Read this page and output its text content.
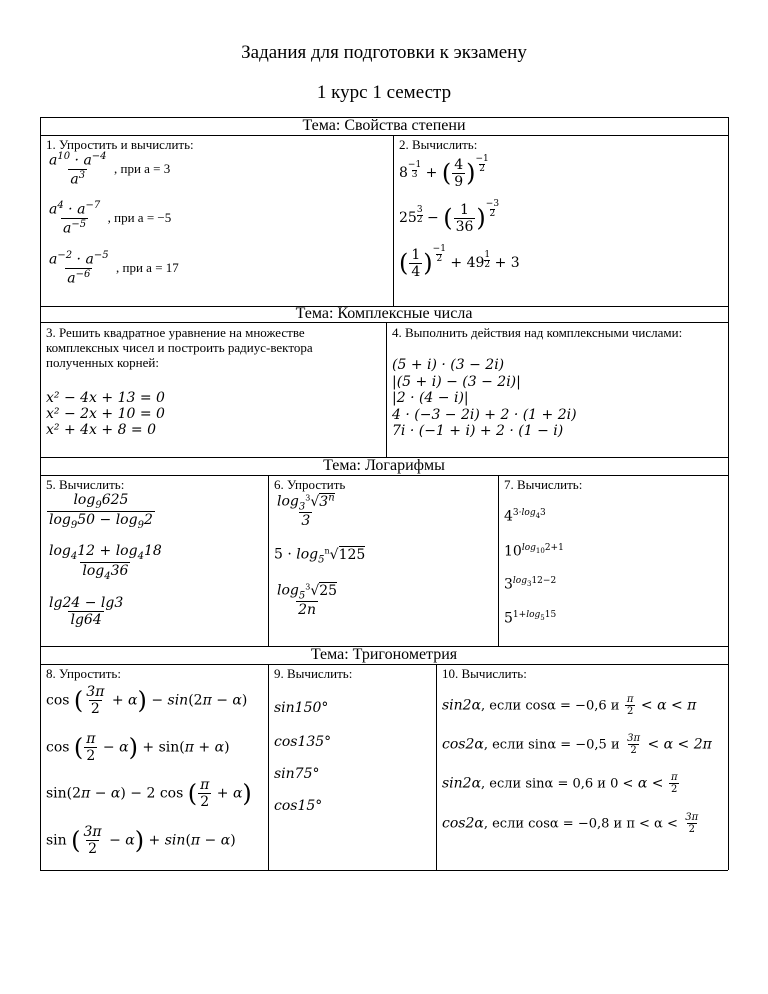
Задания для подготовки к экзамену
1 курс 1 семестр
Тема: Свойства степени
1. Упростить и вычислить:
$\frac{a^{10} \cdot a^{-4}}{a^3}$ , при a = 3
$\frac{a^4 \cdot a^{-7}}{a^{-5}}$ , при a = −5
$\frac{a^{-2} \cdot a^{-5}}{a^{-6}}$ , при a = 17
2. Вычислить:
$8 \frac{-1}{3}$ + ( $\frac{4}{9}$ ) $\frac{-1}{2}$
$25 \frac{3}{2}$ − ( $\frac{1}{36}$ ) $\frac{-3}{2}$
( $\frac{1}{4}$ ) $\frac{-1}{2} + 49 \frac{1}{2} + 3$
Тема: Комплексные числа
3. Решить квадратное уравнение на множестве комплексных чисел и построить радиус-вектора полученных корней:
x² − 4x + 13 = 0
x² − 2x + 10 = 0
x² + 4x + 8 = 0
4. Выполнить действия над комплексными числами:
(5 + i) · (3 − 2i)
|(5 + i) − (3 − 2i)|
|2 · (4 − i)|
4 · (−3 − 2i) + 2 · (1 + 2i)
7i · (−1 + i) + 2 · (1 − i)
Тема: Логарифмы
5. Вычислить:
$\frac{\log_9625}{\log_950 - \log_92}$
$\frac{\log_412 + \log_418}{\log_436}$
$\frac{\lg 24 - \lg 3}{\lg 64}$
6. Упростить
$\frac{\log_3^3√3^n}{3}$
$5 \cdot \log_5^n√125$
$\frac{\log_5^3√25}{2n}$
7. Вычислить:
$4^{3\cdot log_43}$
$10^{log_{10}2+1}$
$3^{log_312-2}$
$5^{1+log_515}$
Тема: Тригонометрия
8. Упростить:
cos ( $\frac{3\pi}{2} + \alpha) - \sin(2\pi - \alpha)$
cos ( $\frac{\pi}{2} - \alpha) + \sin(\pi + \alpha)$
sin(2π − α) − 2 cos ( $\frac{\pi}{2} + \alpha$)
sin ( $\frac{3\pi}{2} - \alpha) + \sin(\pi - \alpha)$
9. Вычислить:
sin150°
cos135°
sin75°
cos15°
10. Вычислить:
sin2α, если cosα = −0,6 и $\frac{\pi}{2} < \alpha < \pi$
cos2α, если sinα = −0,5 и $\frac{3\pi}{2} < \alpha < 2\pi$
sin2α, если sinα = 0,6 и $0 < \alpha < \frac{\pi}{2}$
cos2α, если cosα = −0,8 и $\pi < \alpha < \frac{3\pi}{2}$
